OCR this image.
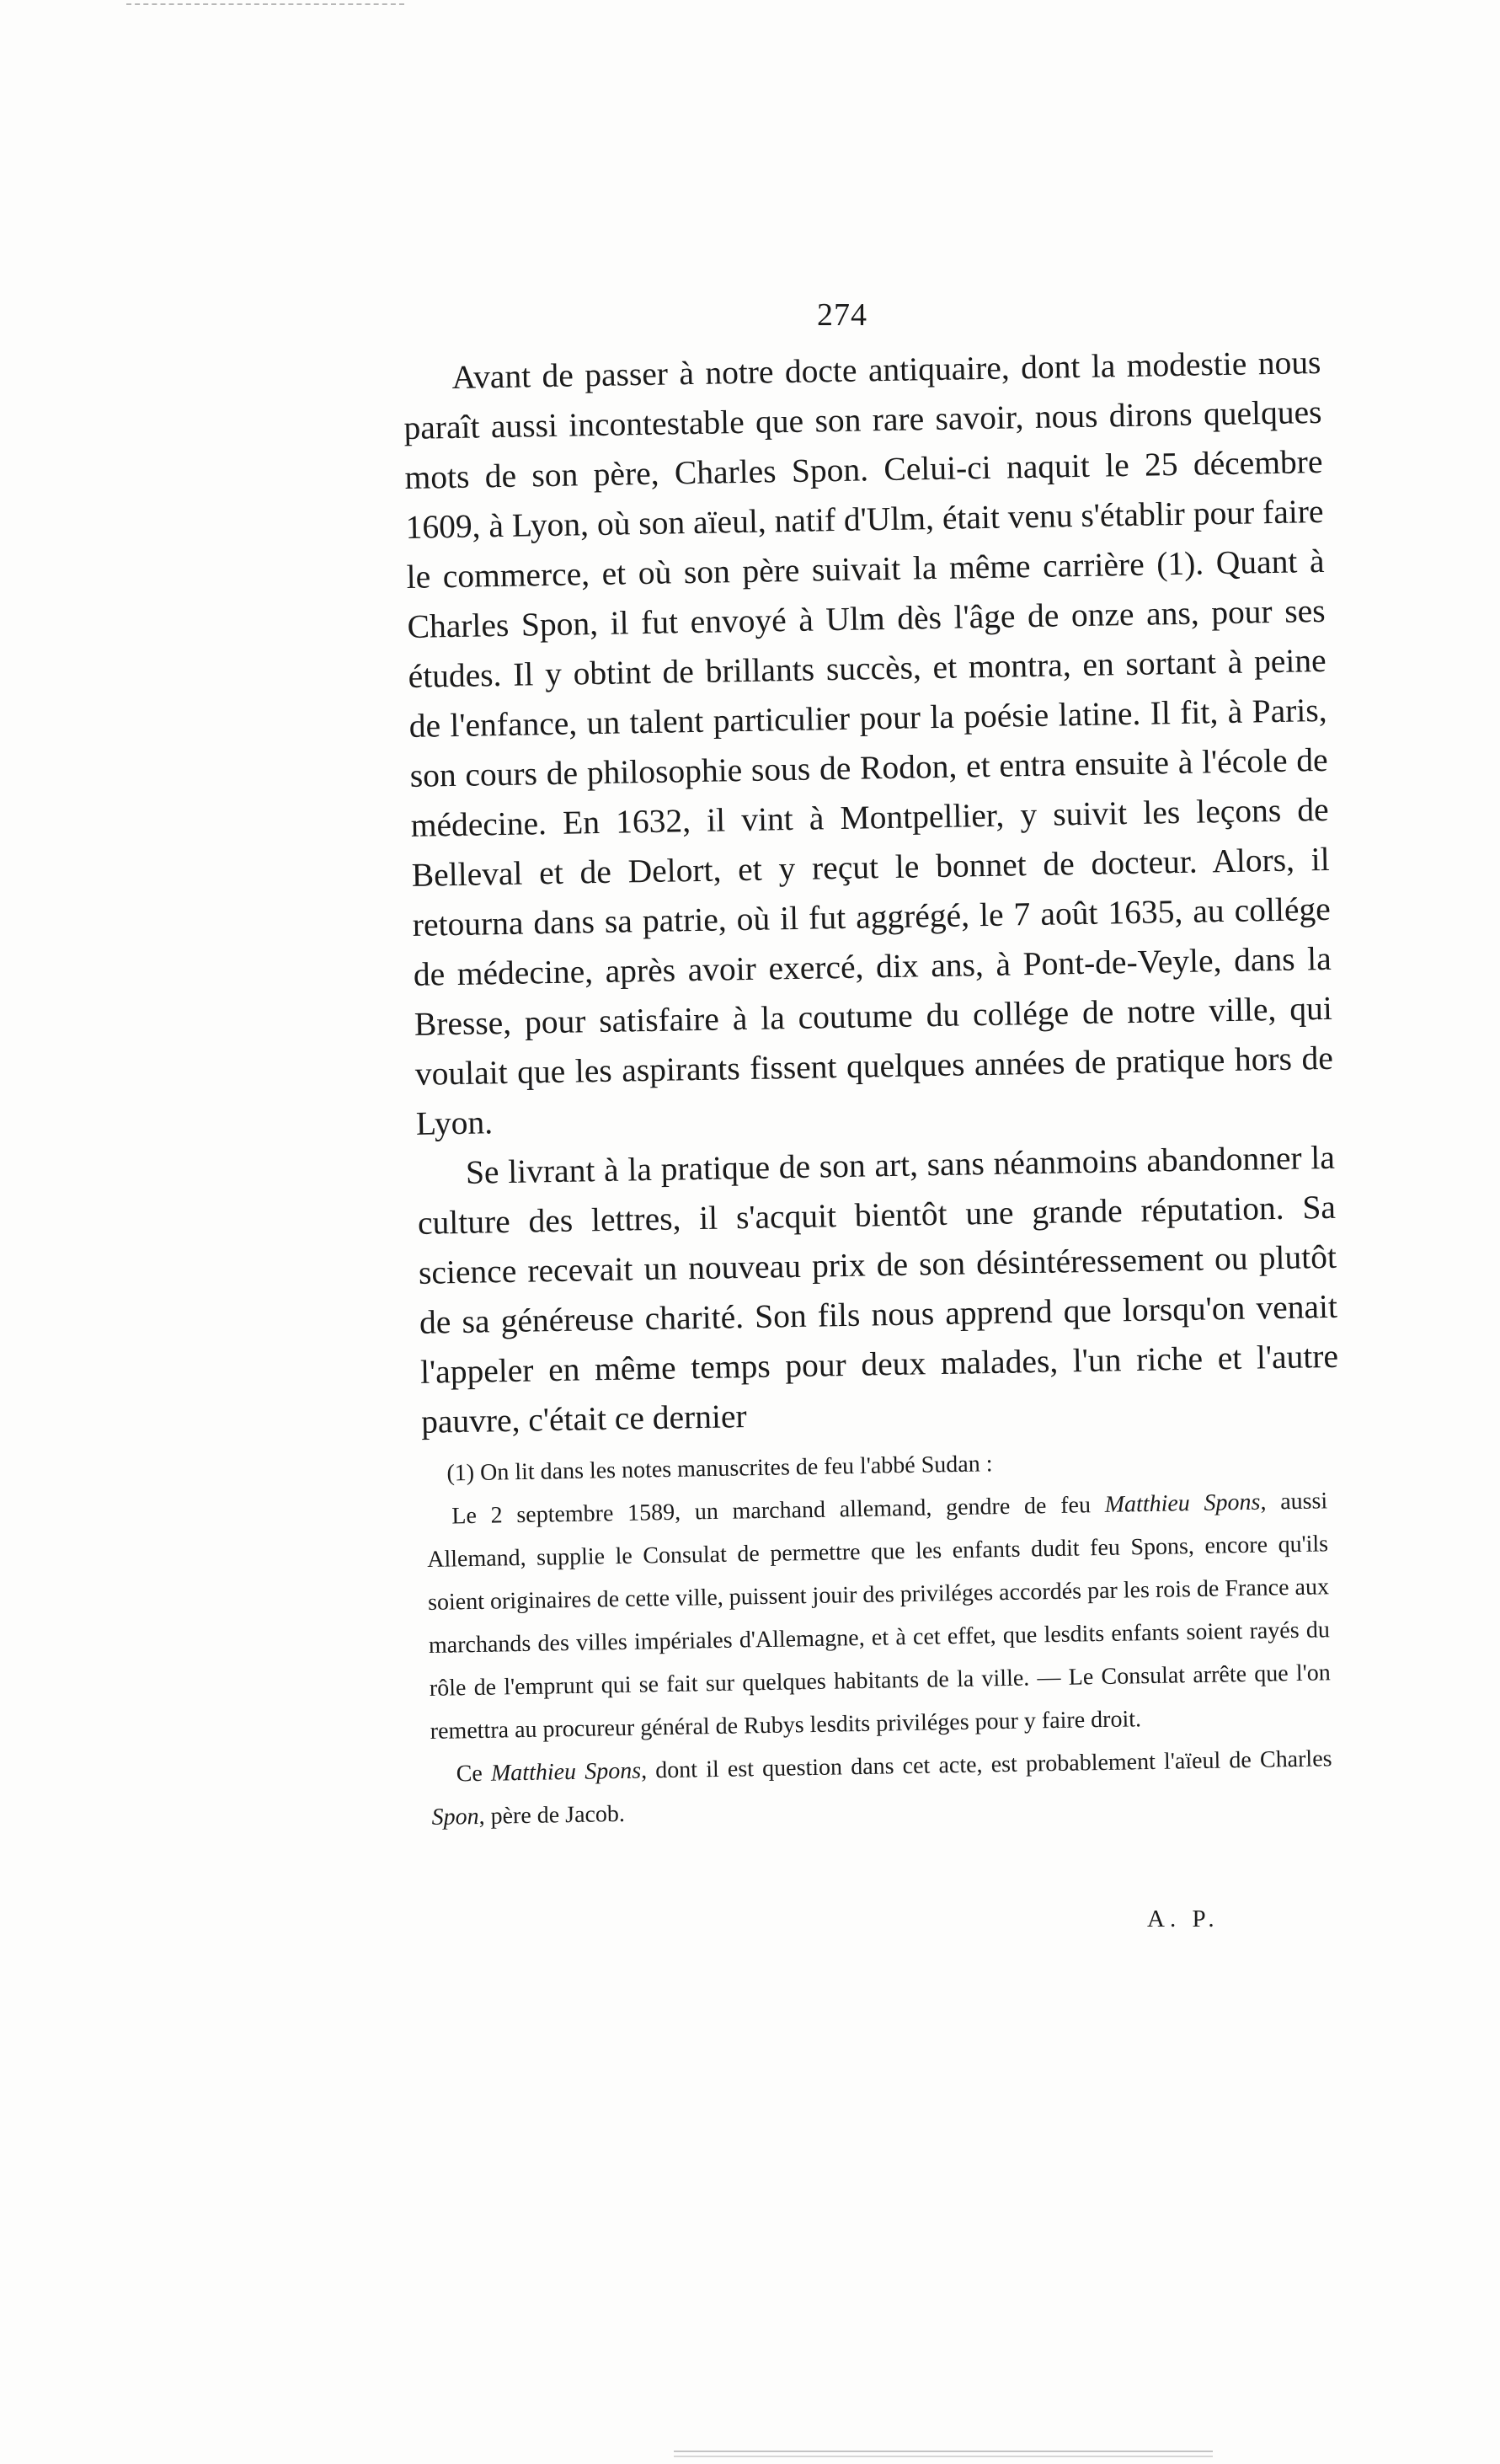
274

Avant de passer à notre docte antiquaire, dont la modestie nous paraît aussi incontestable que son rare savoir, nous dirons quelques mots de son père, Charles Spon. Celui-ci naquit le 25 décembre 1609, à Lyon, où son aïeul, natif d'Ulm, était venu s'établir pour faire le commerce, et où son père suivait la même carrière (1). Quant à Charles Spon, il fut envoyé à Ulm dès l'âge de onze ans, pour ses études. Il y obtint de brillants succès, et montra, en sortant à peine de l'enfance, un talent particulier pour la poésie latine. Il fit, à Paris, son cours de philosophie sous de Rodon, et entra ensuite à l'école de médecine. En 1632, il vint à Montpellier, y suivit les leçons de Belleval et de Delort, et y reçut le bonnet de docteur. Alors, il retourna dans sa patrie, où il fut aggrégé, le 7 août 1635, au collége de médecine, après avoir exercé, dix ans, à Pont-de-Veyle, dans la Bresse, pour satisfaire à la coutume du collége de notre ville, qui voulait que les aspirants fissent quelques années de pratique hors de Lyon.

Se livrant à la pratique de son art, sans néanmoins abandonner la culture des lettres, il s'acquit bientôt une grande réputation. Sa science recevait un nouveau prix de son désintéressement ou plutôt de sa généreuse charité. Son fils nous apprend que lorsqu'on venait l'appeler en même temps pour deux malades, l'un riche et l'autre pauvre, c'était ce dernier

(1) On lit dans les notes manuscrites de feu l'abbé Sudan :

Le 2 septembre 1589, un marchand allemand, gendre de feu Matthieu Spons, aussi Allemand, supplie le Consulat de permettre que les enfants dudit feu Spons, encore qu'ils soient originaires de cette ville, puissent jouir des priviléges accordés par les rois de France aux marchands des villes impériales d'Allemagne, et à cet effet, que lesdits enfants soient rayés du rôle de l'emprunt qui se fait sur quelques habitants de la ville. — Le Consulat arrête que l'on remettra au procureur général de Rubys lesdits priviléges pour y faire droit.

Ce Matthieu Spons, dont il est question dans cet acte, est probablement l'aïeul de Charles Spon, père de Jacob.

A. P.
